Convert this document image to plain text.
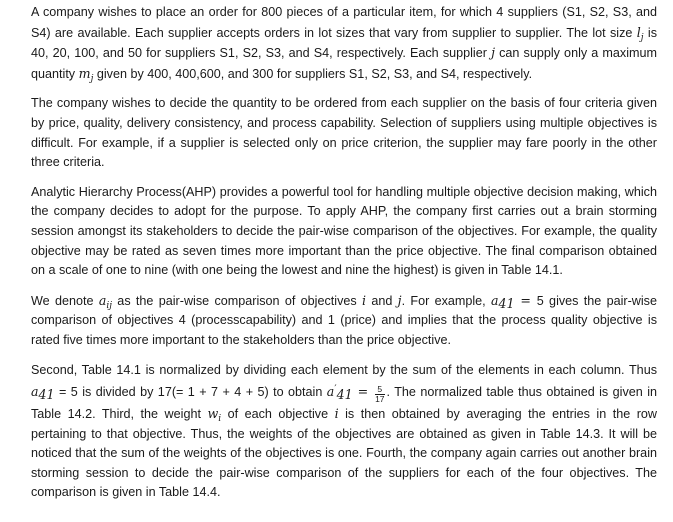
A company wishes to place an order for 800 pieces of a particular item, for which 4 suppliers (S1, S2, S3, and S4) are available. Each supplier accepts orders in lot sizes that vary from supplier to supplier. The lot size $l_j$ is 40, 20, 100, and 50 for suppliers S1, S2, S3, and S4, respectively. Each supplier j can supply only a maximum quantity $m_j$ given by 400, 400,600, and 300 for suppliers S1, S2, S3, and S4, respectively.

The company wishes to decide the quantity to be ordered from each supplier on the basis of four criteria given by price, quality, delivery consistency, and process capability. Selection of suppliers using multiple objectives is difficult. For example, if a supplier is selected only on price criterion, the supplier may fare poorly in the other three criteria.

Analytic Hierarchy Process(AHP) provides a powerful tool for handling multiple objective decision making, which the company decides to adopt for the purpose. To apply AHP, the company first carries out a brain storming session amongst its stakeholders to decide the pair-wise comparison of the objectives. For example, the quality objective may be rated as seven times more important than the price objective. The final comparison obtained on a scale of one to nine (with one being the lowest and nine the highest) is given in Table 14.1.

We denote $a_{ij}$ as the pair-wise comparison of objectives i and j. For example, $a_{41} = 5$ gives the pair-wise comparison of objectives 4 (processcapability) and 1 (price) and implies that the process quality objective is rated five times more important to the stakeholders than the price objective.

Second, Table 14.1 is normalized by dividing each element by the sum of the elements in each column. Thus $a_{41} = 5$ is divided by 17(= 1 + 7 + 4 + 5) to obtain $a'_{41} = \frac{5}{17}$ . The normalized table thus obtained is given in Table 14.2. Third, the weight $w_i$ of each objective i is then obtained by averaging the entries in the row pertaining to that objective. Thus, the weights of the objectives are obtained as given in Table 14.3. It will be noticed that the sum of the weights of the objectives is one. Fourth, the company again carries out another brain storming session to decide the pair-wise comparison of the suppliers for each of the four objectives. The comparison is given in Table 14.4.
